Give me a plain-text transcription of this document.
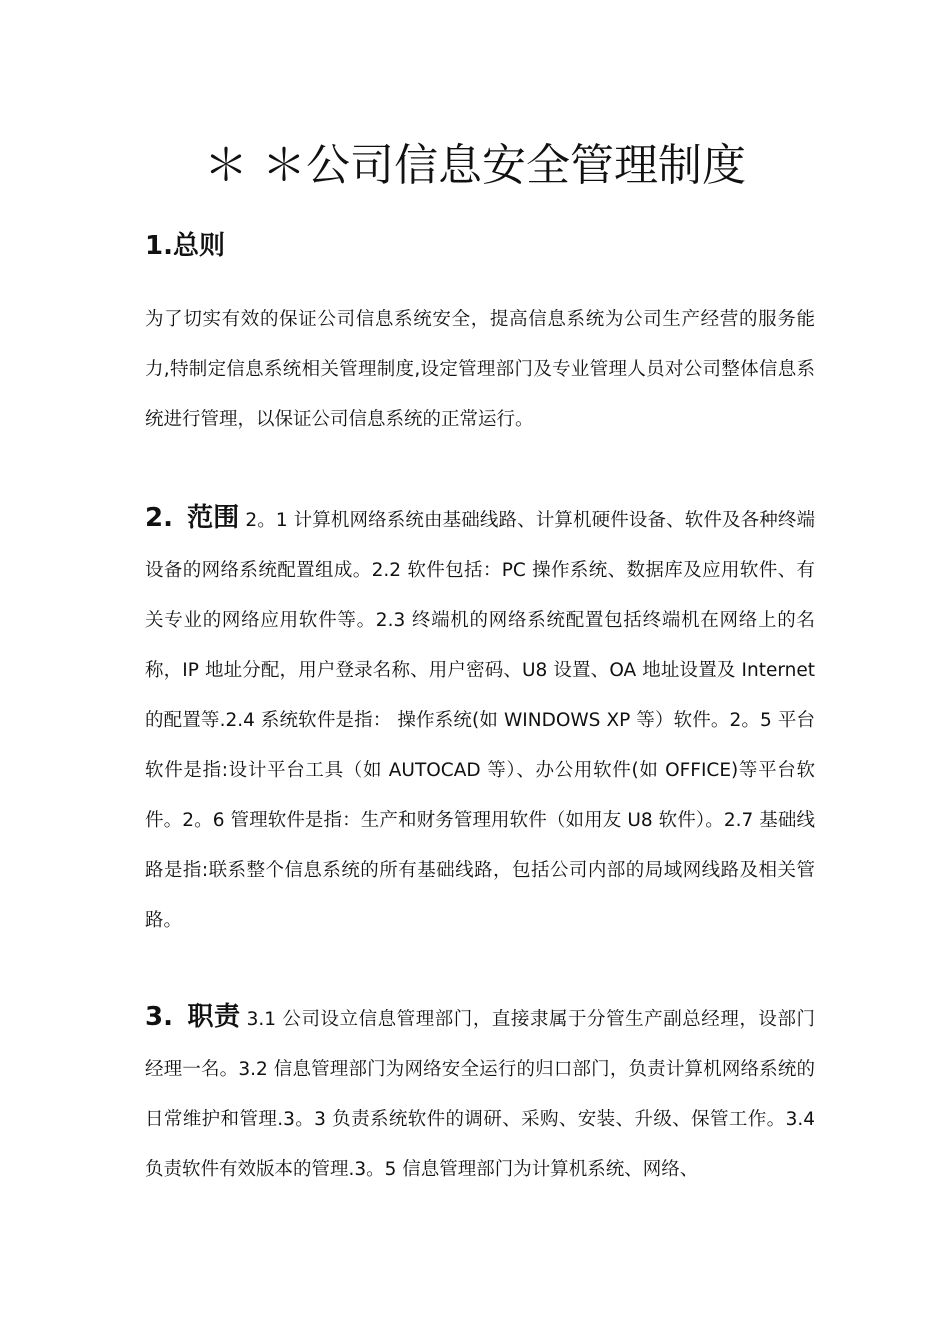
＊ ＊公司信息安全管理制度
1.总则

为了切实有效的保证公司信息系统安全，提高信息系统为公司生产经营的服务能力,特制定信息系统相关管理制度,设定管理部门及专业管理人员对公司整体信息系统进行管理，以保证公司信息系统的正常运行。

2. 范围 2。1 计算机网络系统由基础线路、计算机硬件设备、软件及各种终端设备的网络系统配置组成。2.2 软件包括：PC 操作系统、数据库及应用软件、有关专业的网络应用软件等。2.3 终端机的网络系统配置包括终端机在网络上的名称，IP 地址分配，用户登录名称、用户密码、U8 设置、OA 地址设置及 Internet 的配置等.2.4 系统软件是指： 操作系统(如 WINDOWS XP 等）软件。2。5 平台软件是指:设计平台工具（如 AUTOCAD 等）、办公用软件(如 OFFICE)等平台软件。2。6 管理软件是指：生产和财务管理用软件（如用友 U8 软件）。2.7 基础线路是指:联系整个信息系统的所有基础线路，包括公司内部的局域网线路及相关管路。

3. 职责 3.1 公司设立信息管理部门，直接隶属于分管生产副总经理，设部门经理一名。3.2 信息管理部门为网络安全运行的归口部门，负责计算机网络系统的日常维护和管理.3。3 负责系统软件的调研、采购、安装、升级、保管工作。3.4 负责软件有效版本的管理.3。5 信息管理部门为计算机系统、网络、
